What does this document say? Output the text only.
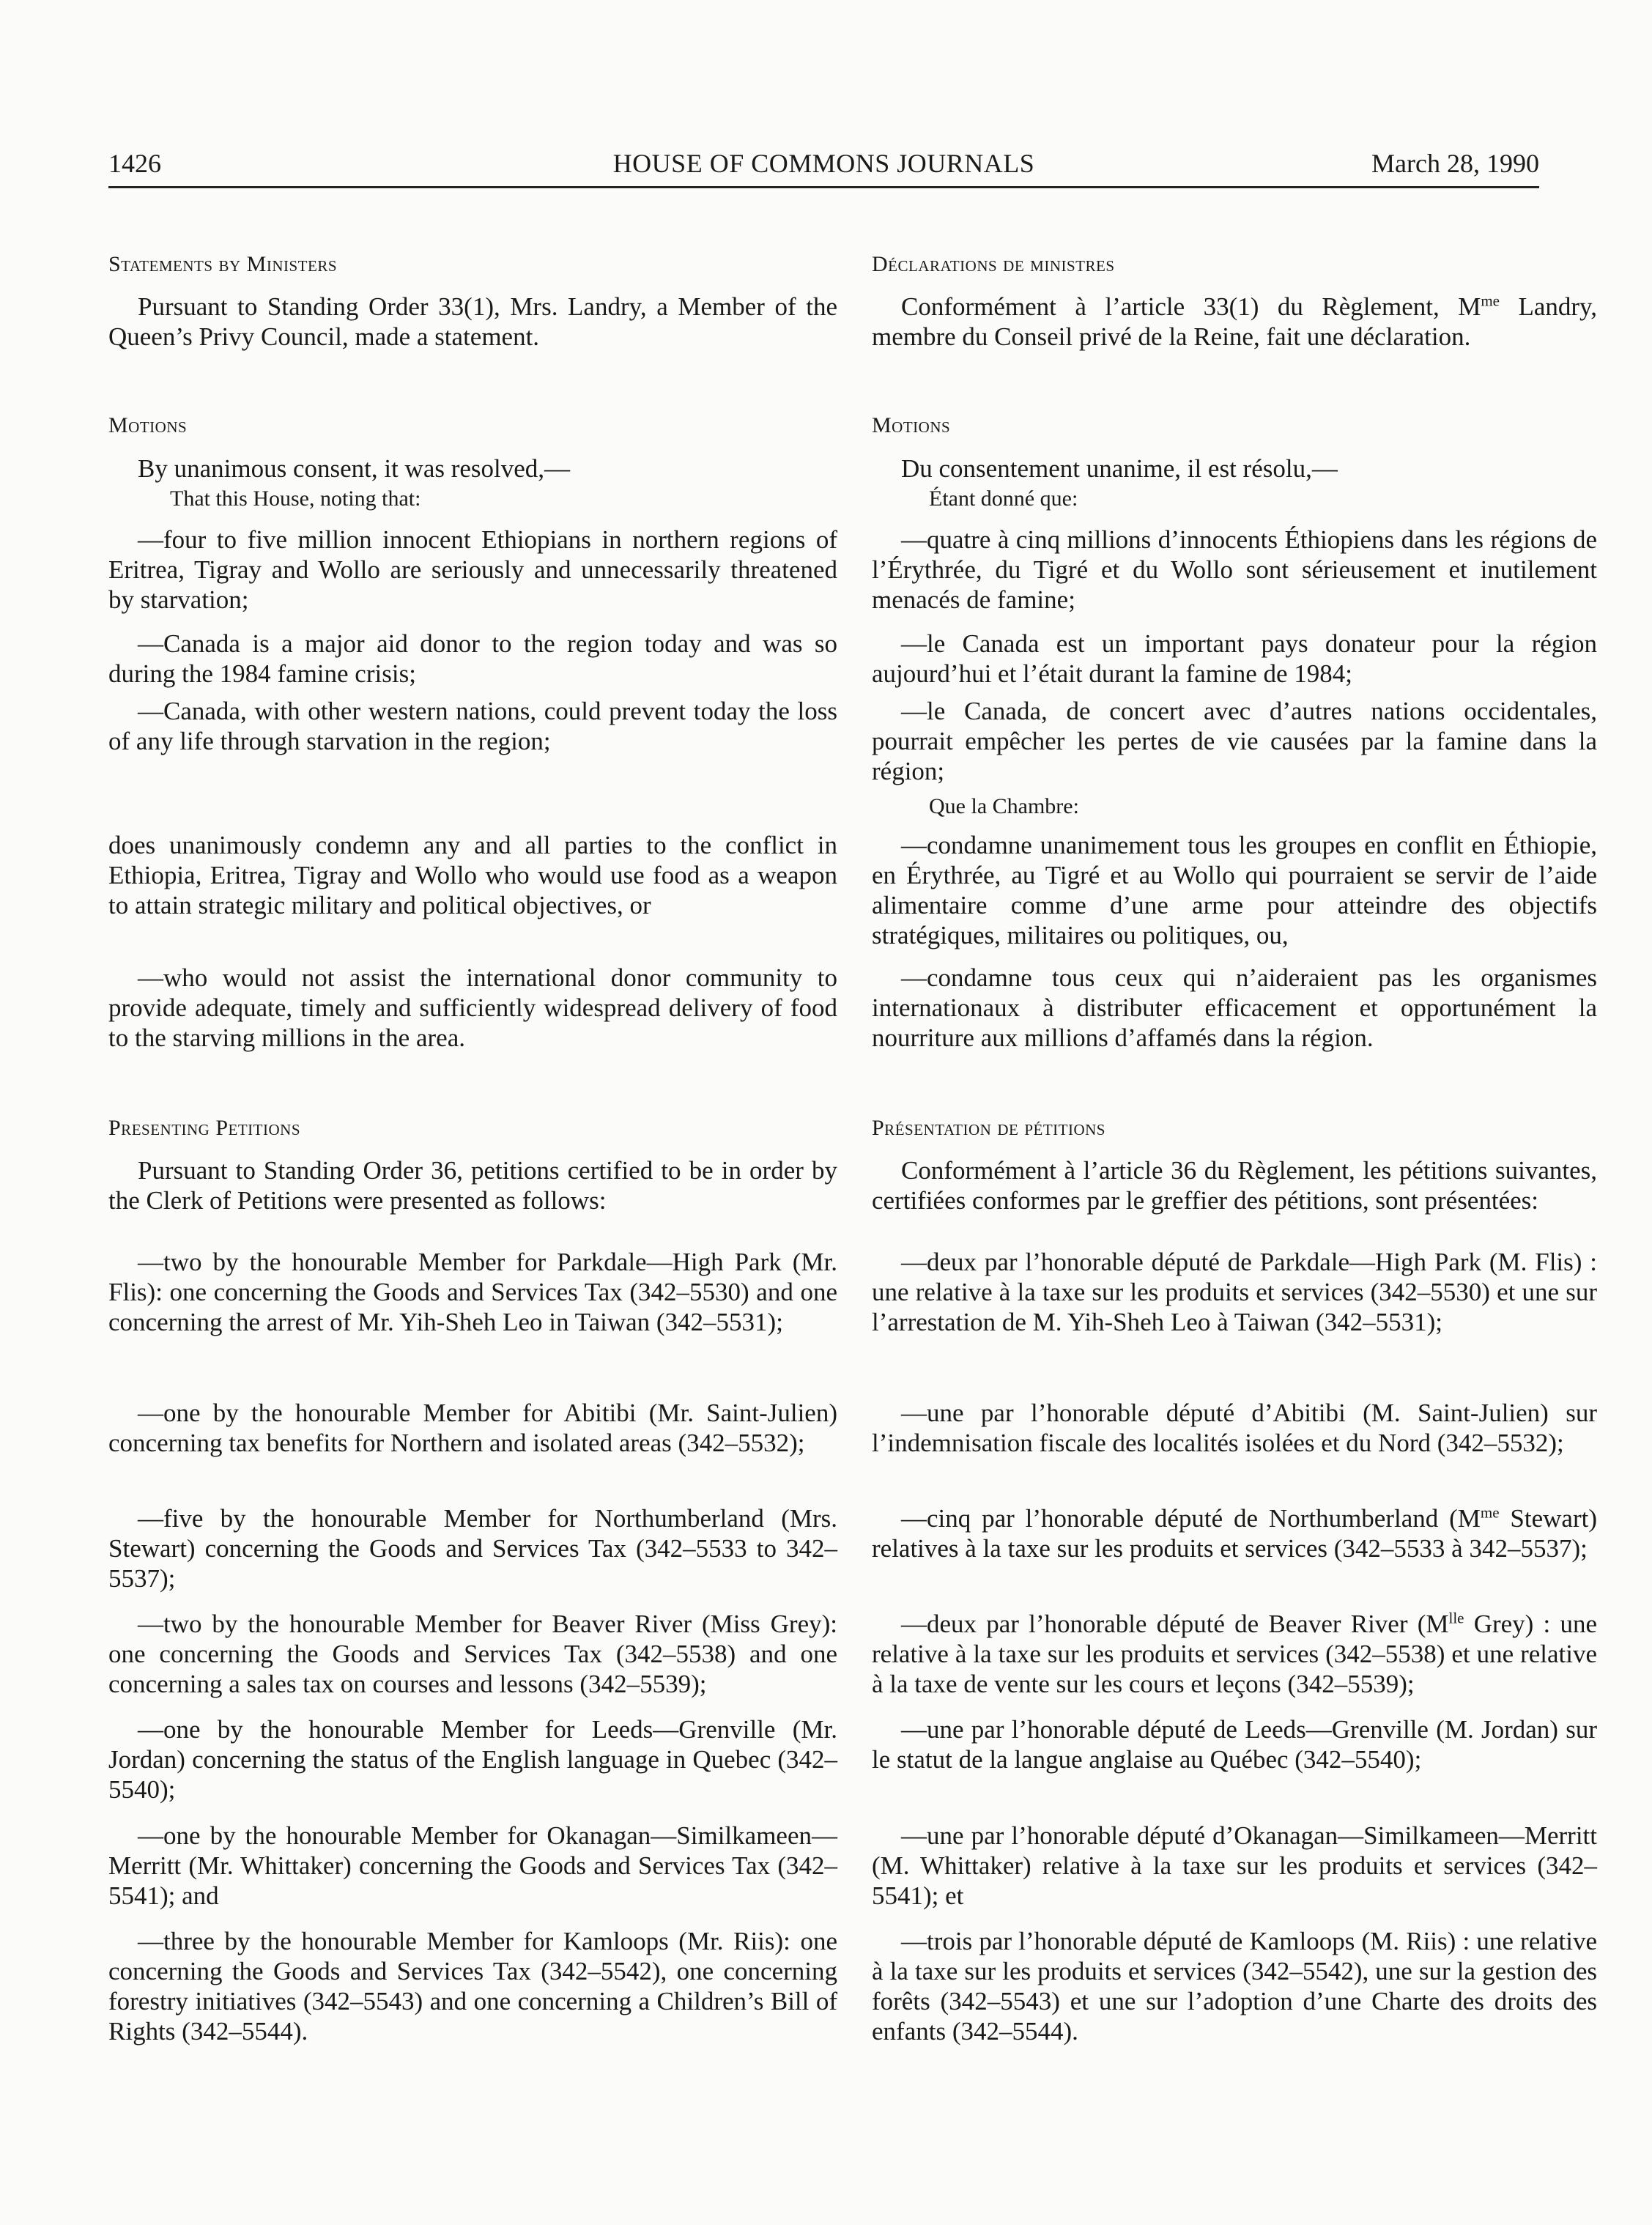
1426	HOUSE OF COMMONS JOURNALS	March 28, 1990
Statements by Ministers

Pursuant to Standing Order 33(1), Mrs. Landry, a Member of the Queen’s Privy Council, made a statement.

Motions

By unanimous consent, it was resolved,—

That this House, noting that:

—four to five million innocent Ethiopians in northern regions of Eritrea, Tigray and Wollo are seriously and unnecessarily threatened by starvation;

—Canada is a major aid donor to the region today and was so during the 1984 famine crisis;

—Canada, with other western nations, could prevent today the loss of any life through starvation in the region;

does unanimously condemn any and all parties to the conflict in Ethiopia, Eritrea, Tigray and Wollo who would use food as a weapon to attain strategic military and political objectives, or

—who would not assist the international donor community to provide adequate, timely and sufficiently widespread delivery of food to the starving millions in the area.

Presenting Petitions

Pursuant to Standing Order 36, petitions certified to be in order by the Clerk of Petitions were presented as follows:

—two by the honourable Member for Parkdale—High Park (Mr. Flis): one concerning the Goods and Services Tax (342–5530) and one concerning the arrest of Mr. Yih-Sheh Leo in Taiwan (342–5531);

—one by the honourable Member for Abitibi (Mr. Saint-Julien) concerning tax benefits for Northern and isolated areas (342–5532);

—five by the honourable Member for Northumberland (Mrs. Stewart) concerning the Goods and Services Tax (342–5533 to 342–5537);

—two by the honourable Member for Beaver River (Miss Grey): one concerning the Goods and Services Tax (342–5538) and one concerning a sales tax on courses and lessons (342–5539);

—one by the honourable Member for Leeds—Grenville (Mr. Jordan) concerning the status of the English language in Quebec (342–5540);

—one by the honourable Member for Okanagan—Similkameen—Merritt (Mr. Whittaker) concerning the Goods and Services Tax (342–5541); and

—three by the honourable Member for Kamloops (Mr. Riis): one concerning the Goods and Services Tax (342–5542), one concerning forestry initiatives (342–5543) and one concerning a Children’s Bill of Rights (342–5544).

Déclarations de ministres

Conformément à l’article 33(1) du Règlement, $M^{me}$ Landry, membre du Conseil privé de la Reine, fait une déclaration.

Motions

Du consentement unanime, il est résolu,—

Étant donné que:

—quatre à cinq millions d’innocents Éthiopiens dans les régions de l’Érythrée, du Tigré et du Wollo sont sérieusement et inutilement menacés de famine;

—le Canada est un important pays donateur pour la région aujourd’hui et l’était durant la famine de 1984;

—le Canada, de concert avec d’autres nations occidentales, pourrait empêcher les pertes de vie causées par la famine dans la région;

Que la Chambre:

—condamne unanimement tous les groupes en conflit en Éthiopie, en Érythrée, au Tigré et au Wollo qui pourraient se servir de l’aide alimentaire comme d’une arme pour atteindre des objectifs stratégiques, militaires ou politiques, ou,

—condamne tous ceux qui n’aideraient pas les organismes internationaux à distributer efficacement et opportunément la nourriture aux millions d’affamés dans la région.

Présentation de pétitions

Conformément à l’article 36 du Règlement, les pétitions suivantes, certifiées conformes par le greffier des pétitions, sont présentées:

—deux par l’honorable député de Parkdale—High Park (M. Flis) : une relative à la taxe sur les produits et services (342–5530) et une sur l’arrestation de M. Yih-Sheh Leo à Taiwan (342–5531);

—une par l’honorable député d’Abitibi (M. Saint-Julien) sur l’indemnisation fiscale des localités isolées et du Nord (342–5532);

—cinq par l’honorable député de Northumberland ($M^{me}$ Stewart) relatives à la taxe sur les produits et services (342–5533 à 342–5537);

—deux par l’honorable député de Beaver River ($M^{lle}$ Grey) : une relative à la taxe sur les produits et services (342–5538) et une relative à la taxe de vente sur les cours et leçons (342–5539);

—une par l’honorable député de Leeds—Grenville (M. Jordan) sur le statut de la langue anglaise au Québec (342–5540);

—une par l’honorable député d’Okanagan—Similkameen—Merritt (M. Whittaker) relative à la taxe sur les produits et services (342–5541); et

—trois par l’honorable député de Kamloops (M. Riis) : une relative à la taxe sur les produits et services (342–5542), une sur la gestion des forêts (342–5543) et une sur l’adoption d’une Charte des droits des enfants (342–5544).
